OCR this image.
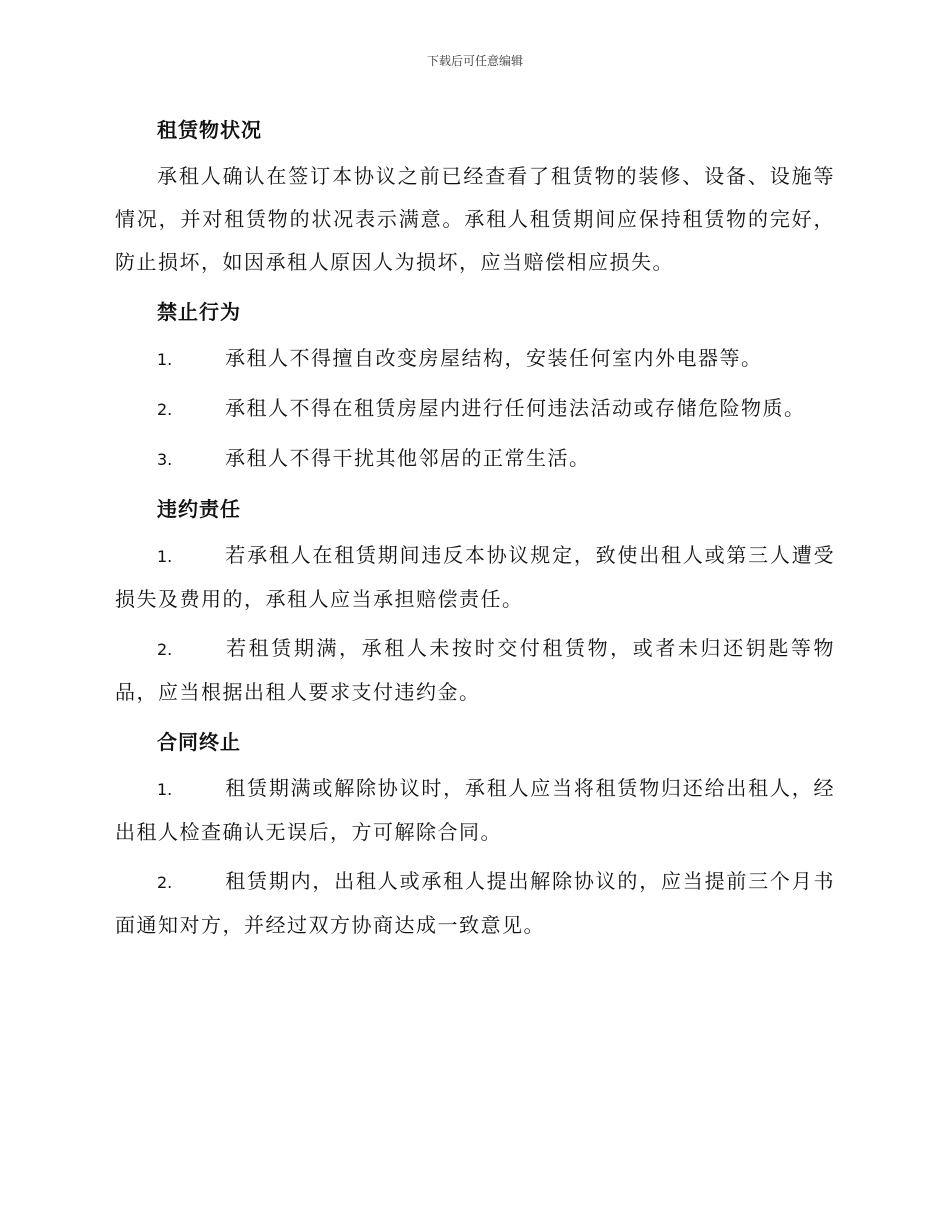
下载后可任意编辑
租赁物状况

承租人确认在签订本协议之前已经查看了租赁物的装修、设备、设施等情况，并对租赁物的状况表示满意。承租人租赁期间应保持租赁物的完好，防止损坏，如因承租人原因人为损坏，应当赔偿相应损失。

禁止行为

1.	承租人不得擅自改变房屋结构，安装任何室内外电器等。

2.	承租人不得在租赁房屋内进行任何违法活动或存储危险物质。

3.	承租人不得干扰其他邻居的正常生活。

违约责任

1.	若承租人在租赁期间违反本协议规定，致使出租人或第三人遭受损失及费用的，承租人应当承担赔偿责任。

2.	若租赁期满，承租人未按时交付租赁物，或者未归还钥匙等物品，应当根据出租人要求支付违约金。

合同终止

1.	租赁期满或解除协议时，承租人应当将租赁物归还给出租人，经出租人检查确认无误后，方可解除合同。

2.	租赁期内，出租人或承租人提出解除协议的，应当提前三个月书面通知对方，并经过双方协商达成一致意见。
